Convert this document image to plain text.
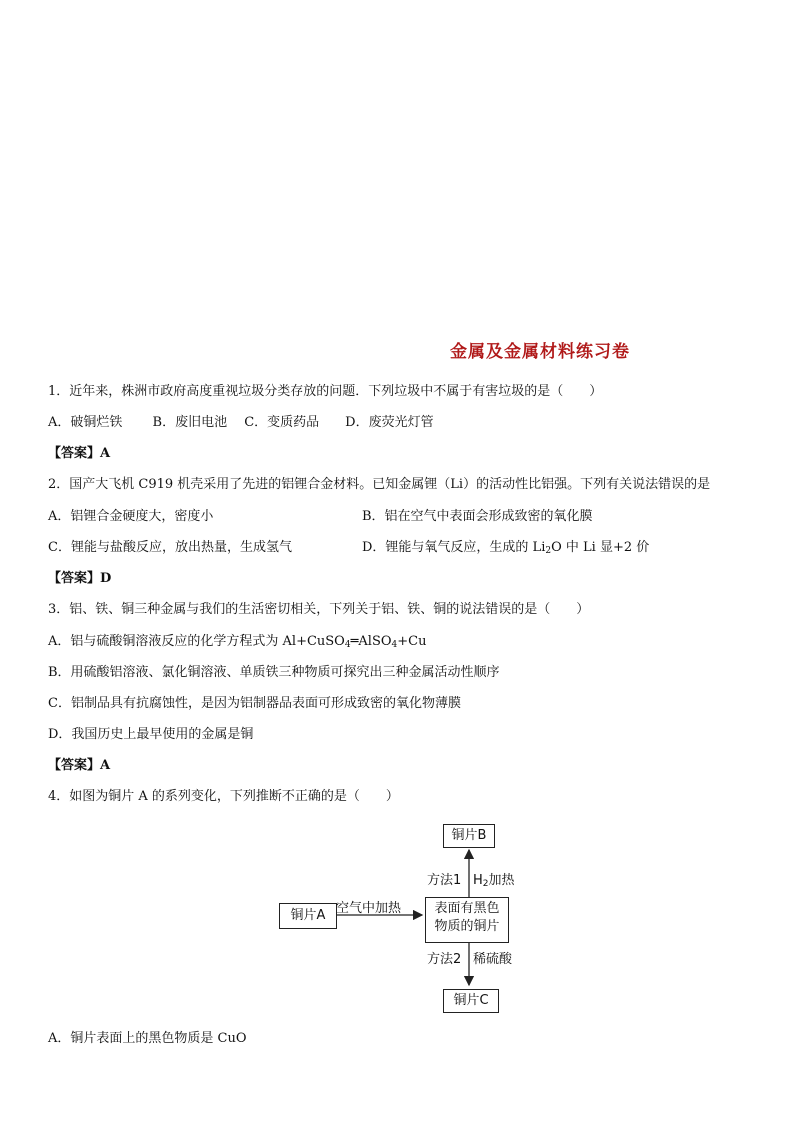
金属及金属材料练习卷
1．近年来，株洲市政府高度重视垃圾分类存放的问题．下列垃圾中不属于有害垃圾的是（　　）
A．破铜烂铁　　 B．废旧电池　 C．变质药品　　D．废荧光灯管
【答案】A
2．国产大飞机 C919 机壳采用了先进的铝锂合金材料。已知金属锂（Li）的活动性比铝强。下列有关说法错误的是
A．铝锂合金硬度大，密度小	B．铝在空气中表面会形成致密的氧化膜
C．锂能与盐酸反应，放出热量，生成氢气	D．锂能与氧气反应，生成的 $Li_2O$ 中 Li 显+2 价
【答案】D
3．铝、铁、铜三种金属与我们的生活密切相关，下列关于铝、铁、铜的说法错误的是（　　）
A．铝与硫酸铜溶液反应的化学方程式为 Al+CuSO$_4$═AlSO$_4$+Cu
B．用硫酸铝溶液、氯化铜溶液、单质铁三种物质可探究出三种金属活动性顺序
C．铝制品具有抗腐蚀性，是因为铝制器品表面可形成致密的氧化物薄膜
D．我国历史上最早使用的金属是铜
【答案】A
4．如图为铜片 A 的系列变化，下列推断不正确的是（　　）
铜片B
铜片A	表面有黑色
物质的铜片
铜片C
空气中加热
方法1 $H_2$加热
方法2 稀硫酸
A．铜片表面上的黑色物质是 CuO
